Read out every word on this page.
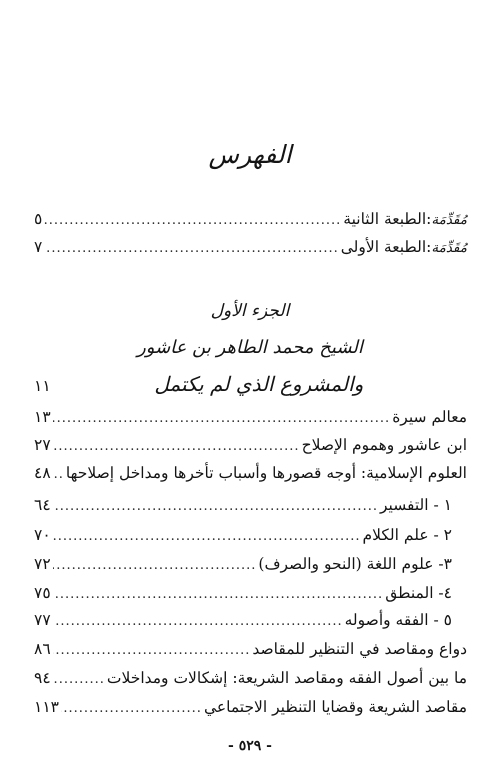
الفهرس
مُقَدِّمَة:الطبعة الثانية
.....
٥
مُقَدِّمَة:الطبعة الأولى
.....
٧
الجزء الأول
الشيخ محمد الطاهر بن عاشور
والمشروع الذي لم يكتمل
١١
معالم سيرة
.....
١٣
ابن عاشور وهموم الإصلاح
.....
٢٧
العلوم الإسلامية: أوجه قصورها وأسباب تأخرها ومداخل إصلاحها
.....
٤٨
١ - التفسير
.....
٦٤
٢ - علم الكلام
.....
٧٠
٣- علوم اللغة (النحو والصرف)
.....
٧٢
٤- المنطق
.....
٧٥
٥ - الفقه وأصوله
.....
٧٧
دواع ومقاصد في التنظير للمقاصد
.....
٨٦
ما بين أصول الفقه ومقاصد الشريعة: إشكالات ومداخلات
.....
٩٤
مقاصد الشريعة وقضايا التنظير الاجتماعي
.....
١١٣
- ٥٢٩ -
